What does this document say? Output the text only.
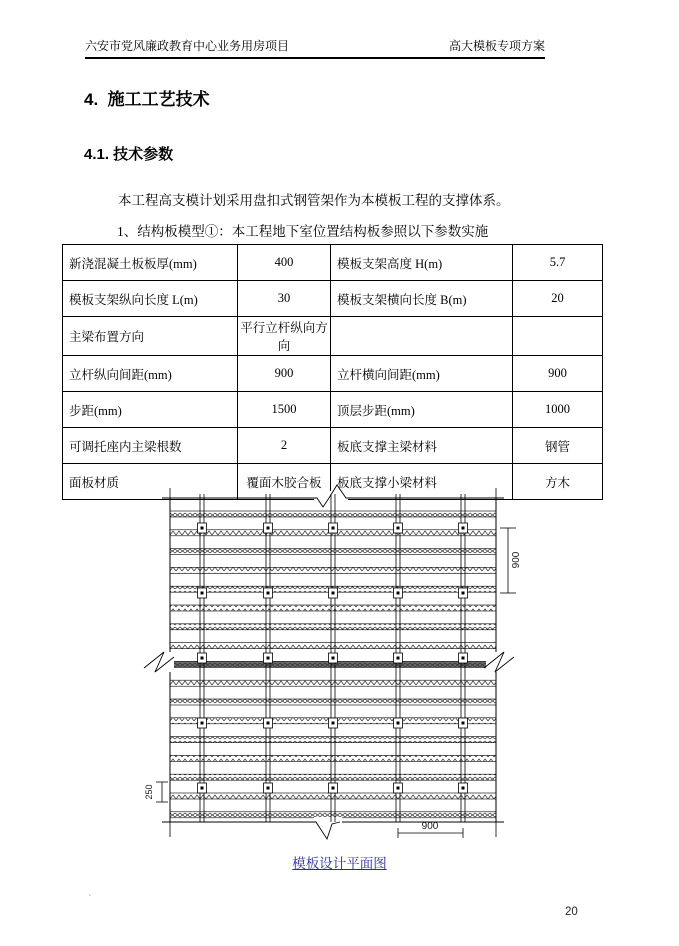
六安市党风廉政教育中心业务用房项目	高大模板专项方案
4.  施工工艺技术
4.1. 技术参数

本工程高支模计划采用盘扣式钢管架作为本模板工程的支撑体系。

1、结构板模型①：本工程地下室位置结构板参照以下参数实施

新浇混凝土板板厚(mm)	400	模板支架高度 H(m)	5.7
模板支架纵向长度 L(m)	30	模板支架横向长度 B(m)	20
主梁布置方向	平行立杆纵向方向		
立杆纵向间距(mm)	900	立杆横向间距(mm)	900
步距(mm)	1500	顶层步距(mm)	1000
可调托座内主梁根数	2	板底支撑主梁材料	钢管
面板材质	覆面木胶合板	板底支撑小梁材料	方木
900
250
900
模板设计平面图
`
20
